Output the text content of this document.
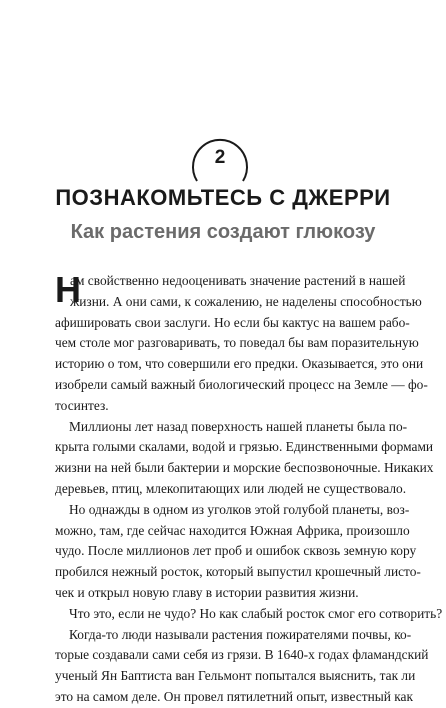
2
ПОЗНАКОМЬТЕСЬ С ДЖЕРРИ
Как растения создают глюкозу
Н
ам свойственно недооценивать значение растений в нашей
жизни. А они сами, к сожалению, не наделены способностью
афишировать свои заслуги. Но если бы кактус на вашем рабо-
чем столе мог разговаривать, то поведал бы вам поразительную
историю о том, что совершили его предки. Оказывается, это они
изобрели самый важный биологический процесс на Земле — фо-
тосинтез.
Миллионы лет назад поверхность нашей планеты была по-
крыта голыми скалами, водой и грязью. Единственными формами
жизни на ней были бактерии и морские беспозвоночные. Никаких
деревьев, птиц, млекопитающих или людей не существовало.
Но однажды в одном из уголков этой голубой планеты, воз-
можно, там, где сейчас находится Южная Африка, произошло
чудо. После миллионов лет проб и ошибок сквозь земную кору
пробился нежный росток, который выпустил крошечный листо-
чек и открыл новую главу в истории развития жизни.
Что это, если не чудо? Но как слабый росток смог его сотворить?
Когда-то люди называли растения пожирателями почвы, ко-
торые создавали сами себя из грязи. В 1640-х годах фламандский
ученый Ян Баптиста ван Гельмонт попытался выяснить, так ли
это на самом деле. Он провел пятилетний опыт, известный как
